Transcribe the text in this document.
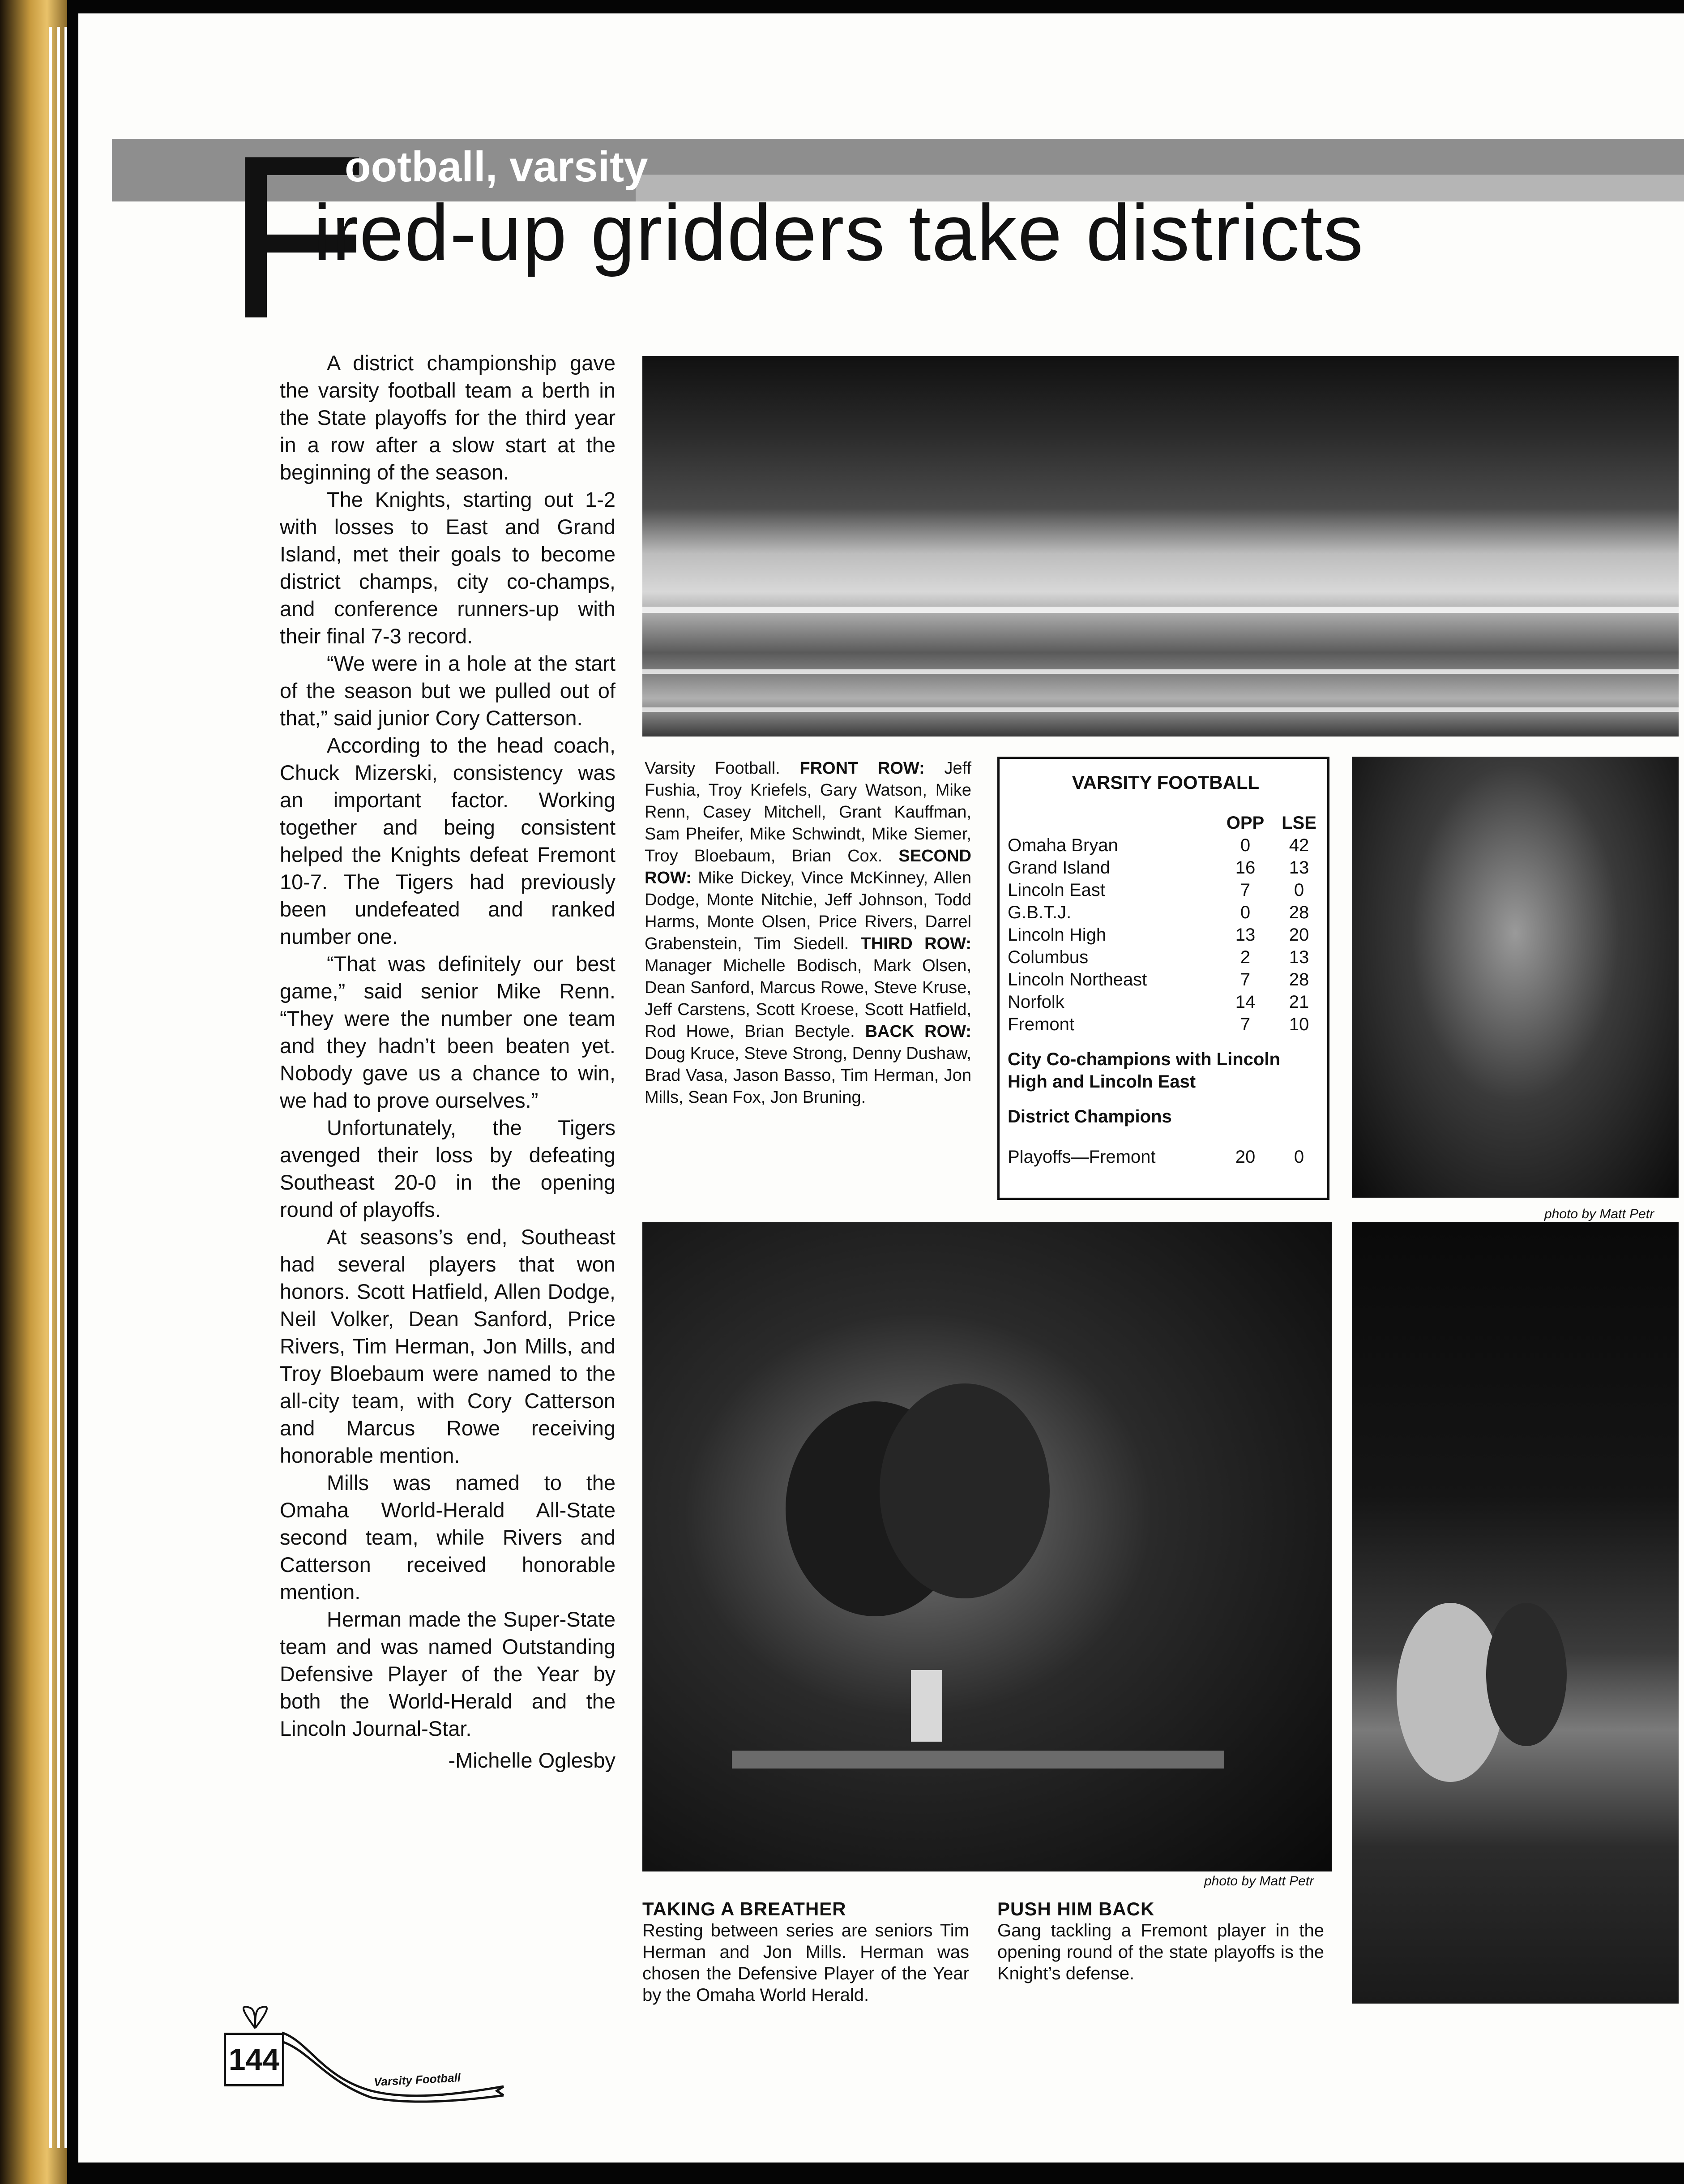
F
ootball, varsity
ired-up gridders take districts

A district championship gave the varsity football team a berth in the State playoffs for the third year in a row after a slow start at the beginning of the season.

The Knights, starting out 1-2 with losses to East and Grand Island, met their goals to become district champs, city co-champs, and conference runners-up with their final 7-3 record.

“We were in a hole at the start of the season but we pulled out of that,” said junior Cory Catterson.

According to the head coach, Chuck Mizerski, consistency was an important factor. Working together and being consistent helped the Knights defeat Fremont 10-7. The Tigers had previously been undefeated and ranked number one.

“That was definitely our best game,” said senior Mike Renn. “They were the number one team and they hadn’t been beaten yet. Nobody gave us a chance to win, we had to prove ourselves.”

Unfortunately, the Tigers avenged their loss by defeating Southeast 20-0 in the opening round of playoffs.

At seasons’s end, Southeast had several players that won honors. Scott Hatfield, Allen Dodge, Neil Volker, Dean Sanford, Price Rivers, Tim Herman, Jon Mills, and Troy Bloebaum were named to the all-city team, with Cory Catterson and Marcus Rowe receiving honorable mention.

Mills was named to the Omaha World-Herald All-State second team, while Rivers and Catterson received honorable mention.

Herman made the Super-State team and was named Outstanding Defensive Player of the Year by both the World-Herald and the Lincoln Journal-Star.

-Michelle Oglesby

Varsity Football. FRONT ROW: Jeff Fushia, Troy Kriefels, Gary Watson, Mike Renn, Casey Mitchell, Grant Kauffman, Sam Pheifer, Mike Schwindt, Mike Siemer, Troy Bloebaum, Brian Cox. SECOND ROW: Mike Dickey, Vince McKinney, Allen Dodge, Monte Nitchie, Jeff Johnson, Todd Harms, Monte Olsen, Price Rivers, Darrel Grabenstein, Tim Siedell. THIRD ROW: Manager Michelle Bodisch, Mark Olsen, Dean Sanford, Marcus Rowe, Steve Kruse, Jeff Carstens, Scott Kroese, Scott Hatfield, Rod Howe, Brian Bectyle. BACK ROW: Doug Kruce, Steve Strong, Denny Dushaw, Brad Vasa, Jason Basso, Tim Herman, Jon Mills, Sean Fox, Jon Bruning.
VARSITY FOOTBALL
OPP LSE
Omaha Bryan	0	42
Grand Island	16	13
Lincoln East	7	0
G.B.T.J.	0	28
Lincoln High	13	20
Columbus	2	13
Lincoln Northeast	7	28
Norfolk	14	21
Fremont	7	10
City Co-champions with Lincoln High and Lincoln East
District Champions
Playoffs—Fremont	20	0
photo by Matt Petr
photo by Matt Petr
TAKING A BREATHER
Resting between series are seniors Tim Herman and Jon Mills. Herman was chosen the Defensive Player of the Year by the Omaha World Herald.
PUSH HIM BACK
Gang tackling a Fremont player in the opening round of the state playoffs is the Knight’s defense.
144
Varsity Football
